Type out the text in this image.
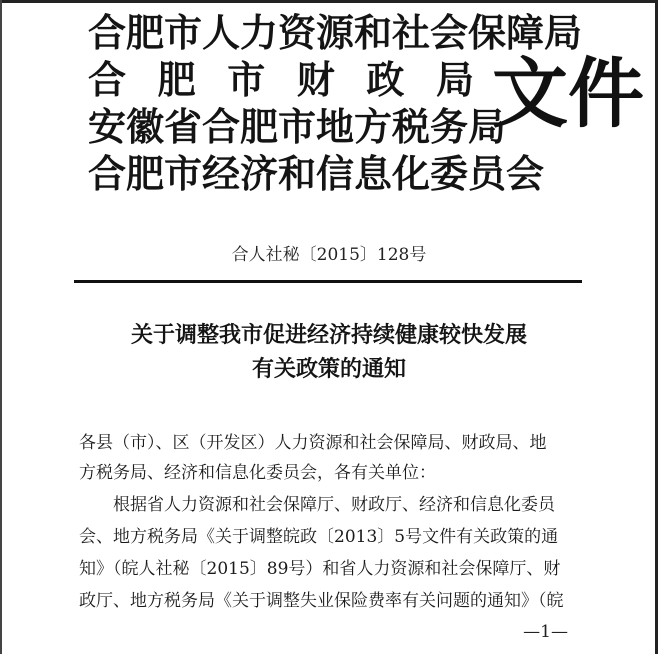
合肥市人力资源和社会保障局
合 肥 市 财 政 局
安徽省合肥市地方税务局
合肥市经济和信息化委员会
文件
合人社秘〔2015〕128号
关于调整我市促进经济持续健康较快发展
有关政策的通知
各县（市）、区（开发区）人力资源和社会保障局、财政局、地
方税务局、经济和信息化委员会，各有关单位：
根据省人力资源和社会保障厅、财政厅、经济和信息化委员
会、地方税务局《关于调整皖政〔2013〕5号文件有关政策的通
知》（皖人社秘〔2015〕89号）和省人力资源和社会保障厅、财
政厅、地方税务局《关于调整失业保险费率有关问题的通知》（皖
—1—
